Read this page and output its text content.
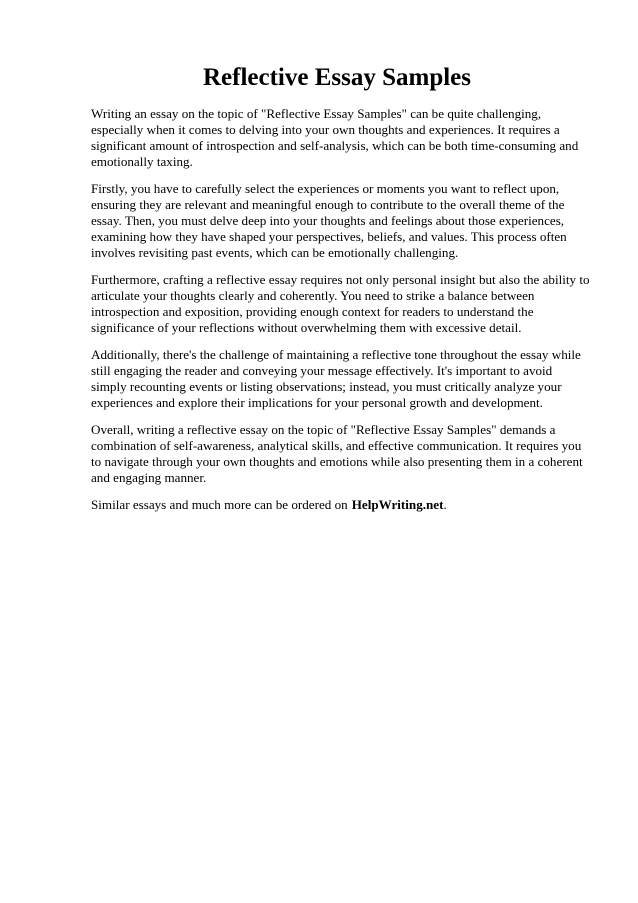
Reflective Essay Samples

Writing an essay on the topic of "Reflective Essay Samples" can be quite challenging, especially when it comes to delving into your own thoughts and experiences. It requires a significant amount of introspection and self-analysis, which can be both time-consuming and emotionally taxing.

Firstly, you have to carefully select the experiences or moments you want to reflect upon, ensuring they are relevant and meaningful enough to contribute to the overall theme of the essay. Then, you must delve deep into your thoughts and feelings about those experiences, examining how they have shaped your perspectives, beliefs, and values. This process often involves revisiting past events, which can be emotionally challenging.

Furthermore, crafting a reflective essay requires not only personal insight but also the ability to articulate your thoughts clearly and coherently. You need to strike a balance between introspection and exposition, providing enough context for readers to understand the significance of your reflections without overwhelming them with excessive detail.

Additionally, there's the challenge of maintaining a reflective tone throughout the essay while still engaging the reader and conveying your message effectively. It's important to avoid simply recounting events or listing observations; instead, you must critically analyze your experiences and explore their implications for your personal growth and development.

Overall, writing a reflective essay on the topic of "Reflective Essay Samples" demands a combination of self-awareness, analytical skills, and effective communication. It requires you to navigate through your own thoughts and emotions while also presenting them in a coherent and engaging manner.

Similar essays and much more can be ordered on HelpWriting.net.
